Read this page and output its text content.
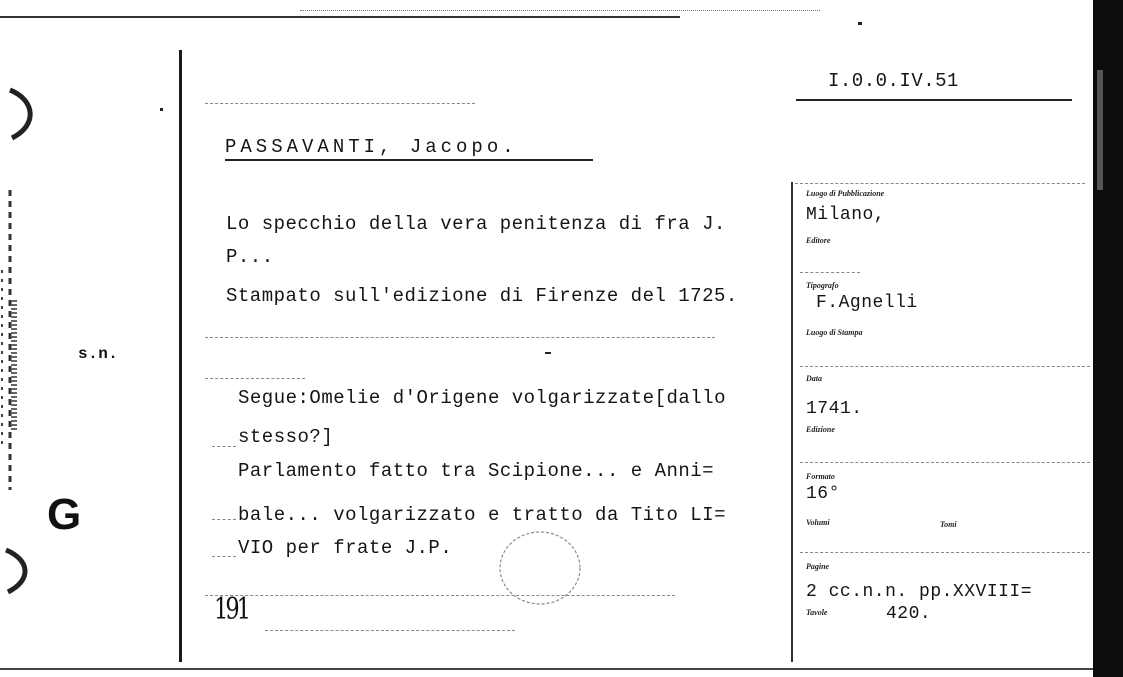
I.0.0.IV.51
PASSAVANTI, Jacopo.
Lo specchio della vera penitenza di fra J.
P...
Stampato sull'edizione di Firenze del 1725.
s.n.
Segue:Omelie d'Origene volgarizzate[dallo
stesso?]
Parlamento fatto tra Scipione... e Anni=
bale... volgarizzato e tratto da Tito LI=
VIO per frate J.P.
G
191
Luogo di Pubblicazione
Milano,
Editore
Tipografo
F.Agnelli
Luogo di Stampa
Data
1741.
Edizione
Formato
16°
Volumi	Tomi
Pagine
2 cc.n.n. pp.XXVIII=
Tavole	420.
